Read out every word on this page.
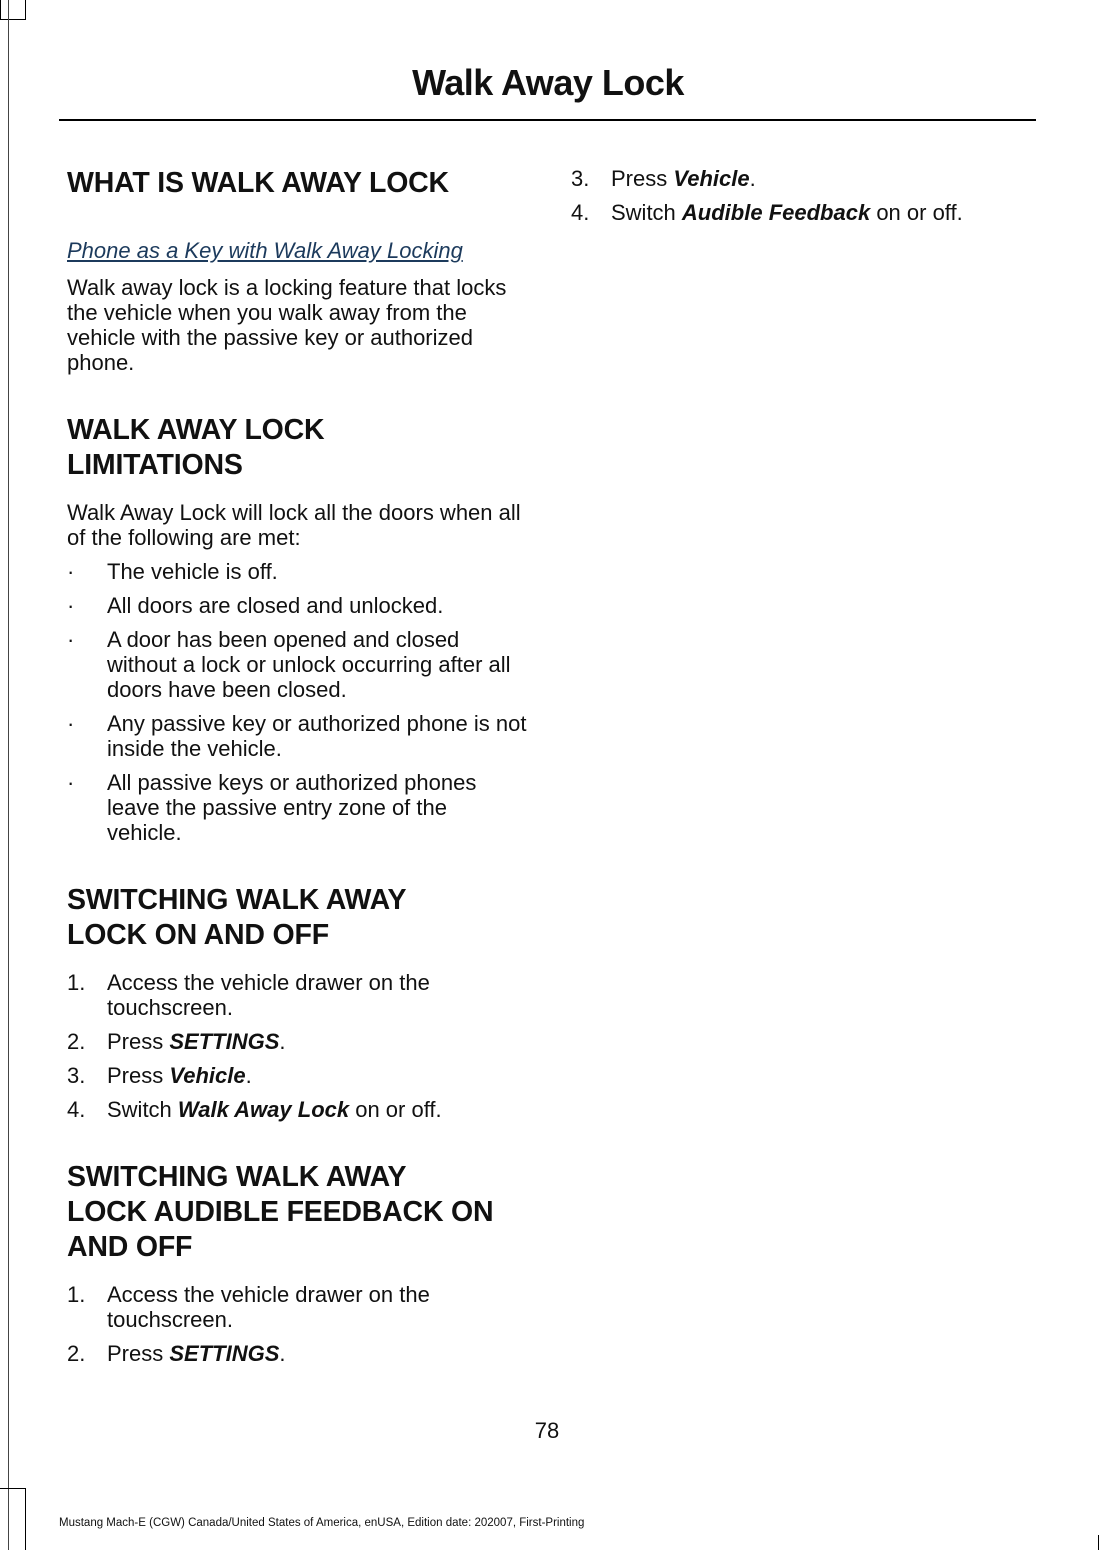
Walk Away Lock
WHAT IS WALK AWAY LOCK
Phone as a Key with Walk Away Locking

Walk away lock is a locking feature that locks the vehicle when you walk away from the vehicle with the passive key or authorized phone.

WALK AWAY LOCK
LIMITATIONS

Walk Away Lock will lock all the doors when all of the following are met:

· The vehicle is off.
· All doors are closed and unlocked.
· A door has been opened and closed without a lock or unlock occurring after all doors have been closed.
· Any passive key or authorized phone is not inside the vehicle.
· All passive keys or authorized phones leave the passive entry zone of the vehicle.
SWITCHING WALK AWAY
LOCK ON AND OFF
1. Access the vehicle drawer on the touchscreen.
2. Press SETTINGS.
3. Press Vehicle.
4. Switch Walk Away Lock on or off.
SWITCHING WALK AWAY
LOCK AUDIBLE FEEDBACK ON
AND OFF
1. Access the vehicle drawer on the touchscreen.
2. Press SETTINGS.
3. Press Vehicle.
4. Switch Audible Feedback on or off.
78
Mustang Mach-E (CGW) Canada/United States of America, enUSA, Edition date: 202007, First-Printing
